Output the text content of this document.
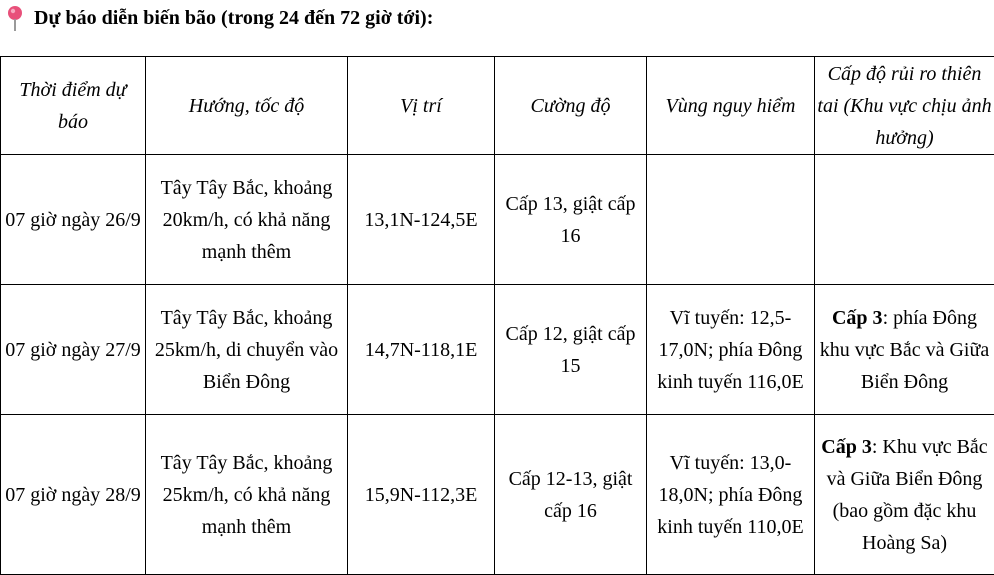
Dự báo diễn biến bão (trong 24 đến 72 giờ tới):
Thời điểm dự báo	Hướng, tốc độ	Vị trí	Cường độ	Vùng nguy hiểm	Cấp độ rủi ro thiên tai (Khu vực chịu ảnh hưởng)
07 giờ ngày 26/9	Tây Tây Bắc, khoảng 20km/h, có khả năng mạnh thêm	13,1N-124,5E	Cấp 13, giật cấp 16		
07 giờ ngày 27/9	Tây Tây Bắc, khoảng 25km/h, di chuyển vào Biển Đông	14,7N-118,1E	Cấp 12, giật cấp 15	Vĩ tuyến: 12,5-17,0N; phía Đông kinh tuyến 116,0E	Cấp 3: phía Đông khu vực Bắc và Giữa Biển Đông
07 giờ ngày 28/9	Tây Tây Bắc, khoảng 25km/h, có khả năng mạnh thêm	15,9N-112,3E	Cấp 12-13, giật cấp 16	Vĩ tuyến: 13,0-18,0N; phía Đông kinh tuyến 110,0E	Cấp 3: Khu vực Bắc và Giữa Biển Đông (bao gồm đặc khu Hoàng Sa)
